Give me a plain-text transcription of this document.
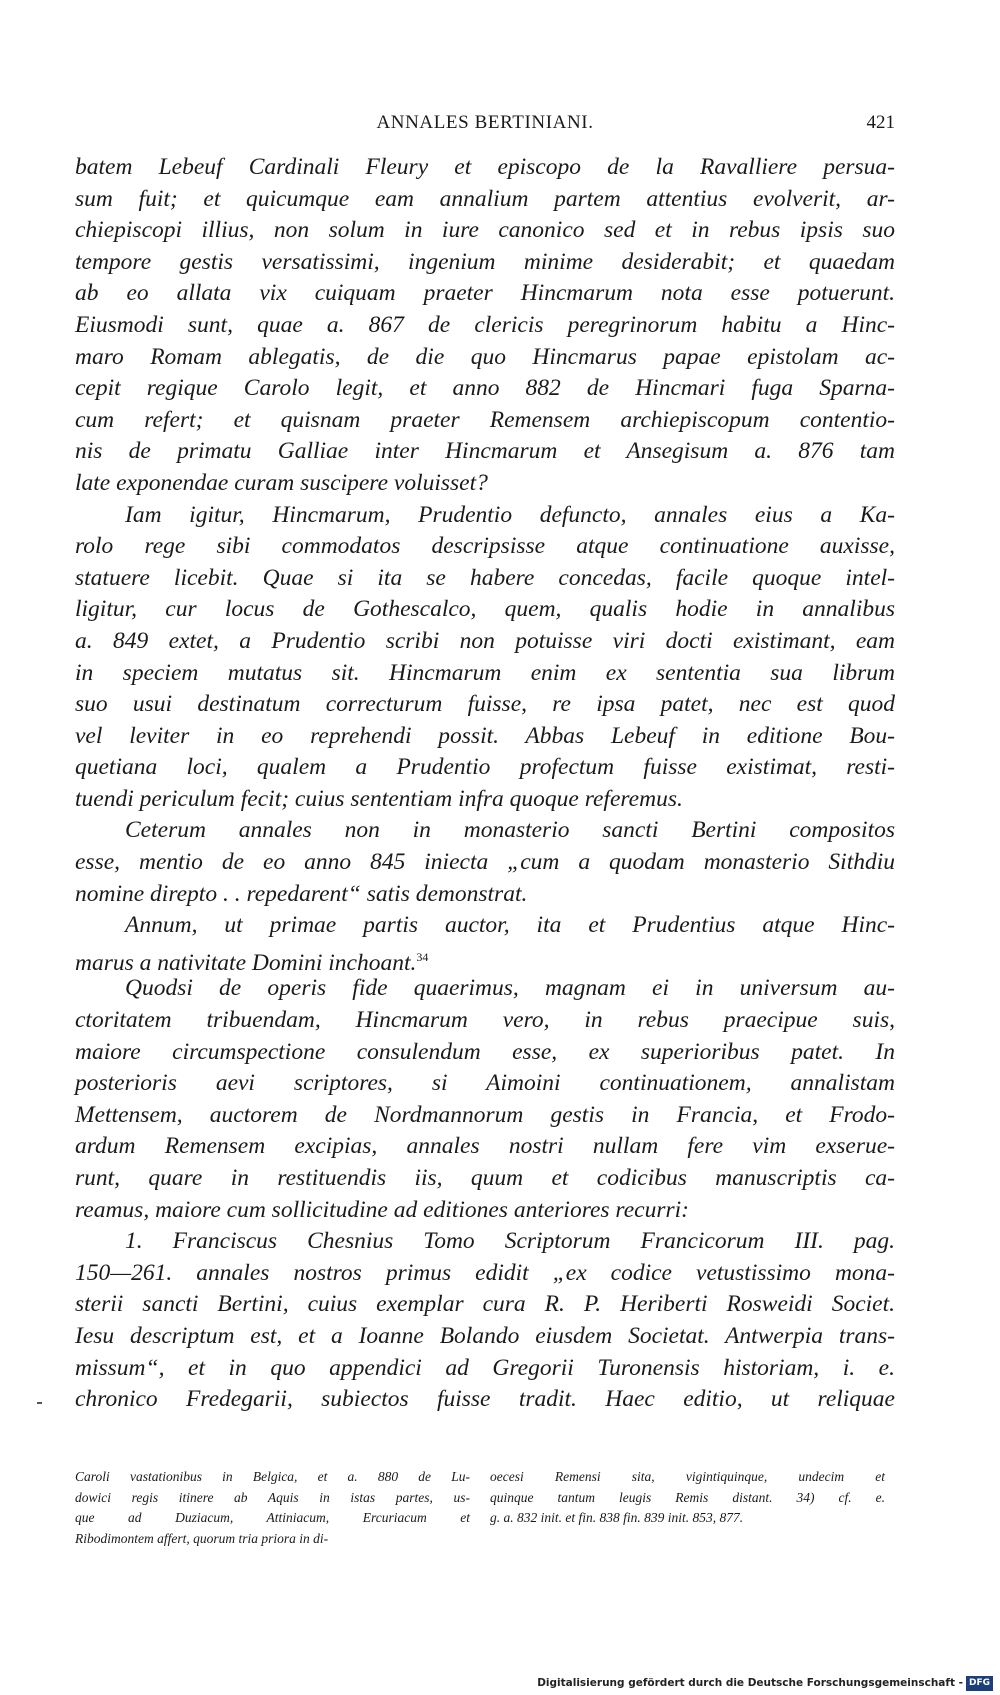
ANNALES BERTINIANI.	421
batem Lebeuf Cardinali Fleury et episcopo de la Ravalliere persua-
sum fuit; et quicumque eam annalium partem attentius evolverit, ar-
chiepiscopi illius, non solum in iure canonico sed et in rebus ipsis suo
tempore gestis versatissimi, ingenium minime desiderabit; et quaedam
ab eo allata vix cuiquam praeter Hincmarum nota esse potuerunt.
Eiusmodi sunt, quae a. 867 de clericis peregrinorum habitu a Hinc-
maro Romam ablegatis, de die quo Hincmarus papae epistolam ac-
cepit regique Carolo legit, et anno 882 de Hincmari fuga Sparna-
cum refert; et quisnam praeter Remensem archiepiscopum contentio-
nis de primatu Galliae inter Hincmarum et Ansegisum a. 876 tam
late exponendae curam suscipere voluisset?
Iam igitur, Hincmarum, Prudentio defuncto, annales eius a Ka-
rolo rege sibi commodatos descripsisse atque continuatione auxisse,
statuere licebit. Quae si ita se habere concedas, facile quoque intel-
ligitur, cur locus de Gothescalco, quem, qualis hodie in annalibus
a. 849 extet, a Prudentio scribi non potuisse viri docti existimant, eam
in speciem mutatus sit. Hincmarum enim ex sententia sua librum
suo usui destinatum correcturum fuisse, re ipsa patet, nec est quod
vel leviter in eo reprehendi possit. Abbas Lebeuf in editione Bou-
quetiana loci, qualem a Prudentio profectum fuisse existimat, resti-
tuendi periculum fecit; cuius sententiam infra quoque referemus.
Ceterum annales non in monasterio sancti Bertini compositos
esse, mentio de eo anno 845 iniecta „cum a quodam monasterio Sithdiu
nomine direpto . . repedarent“ satis demonstrat.
Annum, ut primae partis auctor, ita et Prudentius atque Hinc-
marus a nativitate Domini inchoant.$^{34}$
Quodsi de operis fide quaerimus, magnam ei in universum au-
ctoritatem tribuendam, Hincmarum vero, in rebus praecipue suis,
maiore circumspectione consulendum esse, ex superioribus patet. In
posterioris aevi scriptores, si Aimoini continuationem, annalistam
Mettensem, auctorem de Nordmannorum gestis in Francia, et Frodo-
ardum Remensem excipias, annales nostri nullam fere vim exserue-
runt, quare in restituendis iis, quum et codicibus manuscriptis ca-
reamus, maiore cum sollicitudine ad editiones anteriores recurri:
1. Franciscus Chesnius Tomo Scriptorum Francicorum III. pag.
150—261. annales nostros primus edidit „ex codice vetustissimo mona-
sterii sancti Bertini, cuius exemplar cura R. P. Heriberti Rosweidi Societ.
Iesu descriptum est, et a Ioanne Bolando eiusdem Societat. Antwerpia trans-
missum“, et in quo appendici ad Gregorii Turonensis historiam, i. e.
chronico Fredegarii, subiectos fuisse tradit. Haec editio, ut reliquae
Caroli vastationibus in Belgica, et a. 880 de Lu-
dowici regis itinere ab Aquis in istas partes, us-
que ad Duziacum, Attiniacum, Ercuriacum et
Ribodimontem affert, quorum tria priora in di-
oecesi Remensi sita, vigintiquinque, undecim et
quinque tantum leugis Remis distant. 34) cf. e.
g. a. 832 init. et fin. 838 fin. 839 init. 853, 877.
Digitalisierung gefördert durch die Deutsche Forschungsgemeinschaft - DFG
